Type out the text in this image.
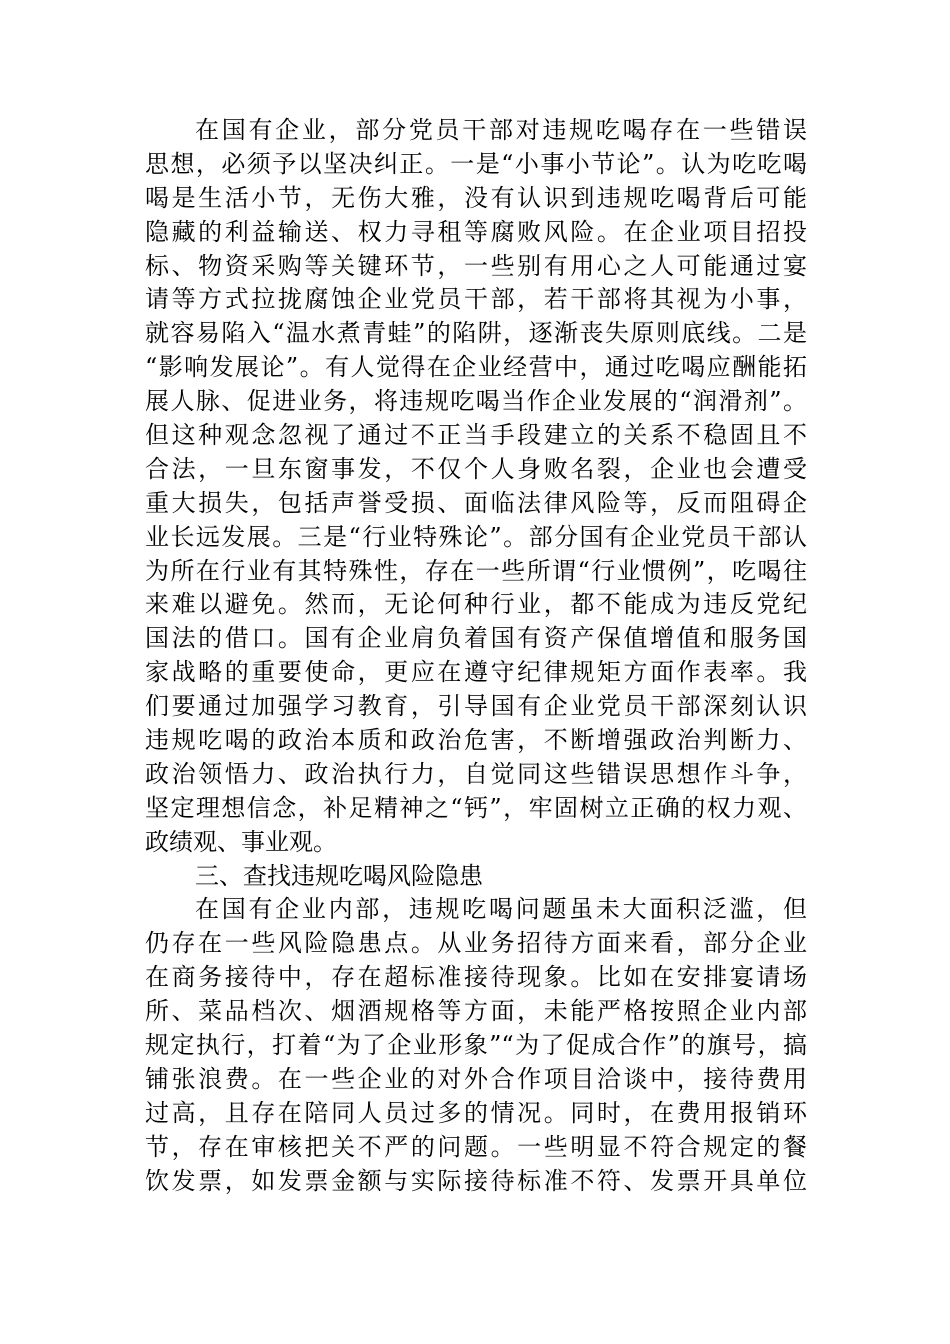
在国有企业，部分党员干部对违规吃喝存在一些错误
思想，必须予以坚决纠正。一是“小事小节论”。认为吃吃喝
喝是生活小节，无伤大雅，没有认识到违规吃喝背后可能
隐藏的利益输送、权力寻租等腐败风险。在企业项目招投
标、物资采购等关键环节，一些别有用心之人可能通过宴
请等方式拉拢腐蚀企业党员干部，若干部将其视为小事，
就容易陷入“温水煮青蛙”的陷阱，逐渐丧失原则底线。二是
“影响发展论”。有人觉得在企业经营中，通过吃喝应酬能拓
展人脉、促进业务，将违规吃喝当作企业发展的“润滑剂”。
但这种观念忽视了通过不正当手段建立的关系不稳固且不
合法，一旦东窗事发，不仅个人身败名裂，企业也会遭受
重大损失，包括声誉受损、面临法律风险等，反而阻碍企
业长远发展。三是“行业特殊论”。部分国有企业党员干部认
为所在行业有其特殊性，存在一些所谓“行业惯例”，吃喝往
来难以避免。然而，无论何种行业，都不能成为违反党纪
国法的借口。国有企业肩负着国有资产保值增值和服务国
家战略的重要使命，更应在遵守纪律规矩方面作表率。我
们要通过加强学习教育，引导国有企业党员干部深刻认识
违规吃喝的政治本质和政治危害，不断增强政治判断力、
政治领悟力、政治执行力，自觉同这些错误思想作斗争，
坚定理想信念，补足精神之“钙”，牢固树立正确的权力观、
政绩观、事业观。
三、查找违规吃喝风险隐患
在国有企业内部，违规吃喝问题虽未大面积泛滥，但
仍存在一些风险隐患点。从业务招待方面来看，部分企业
在商务接待中，存在超标准接待现象。比如在安排宴请场
所、菜品档次、烟酒规格等方面，未能严格按照企业内部
规定执行，打着“为了企业形象”“为了促成合作”的旗号，搞
铺张浪费。在一些企业的对外合作项目洽谈中，接待费用
过高，且存在陪同人员过多的情况。同时，在费用报销环
节，存在审核把关不严的问题。一些明显不符合规定的餐
饮发票，如发票金额与实际接待标准不符、发票开具单位
